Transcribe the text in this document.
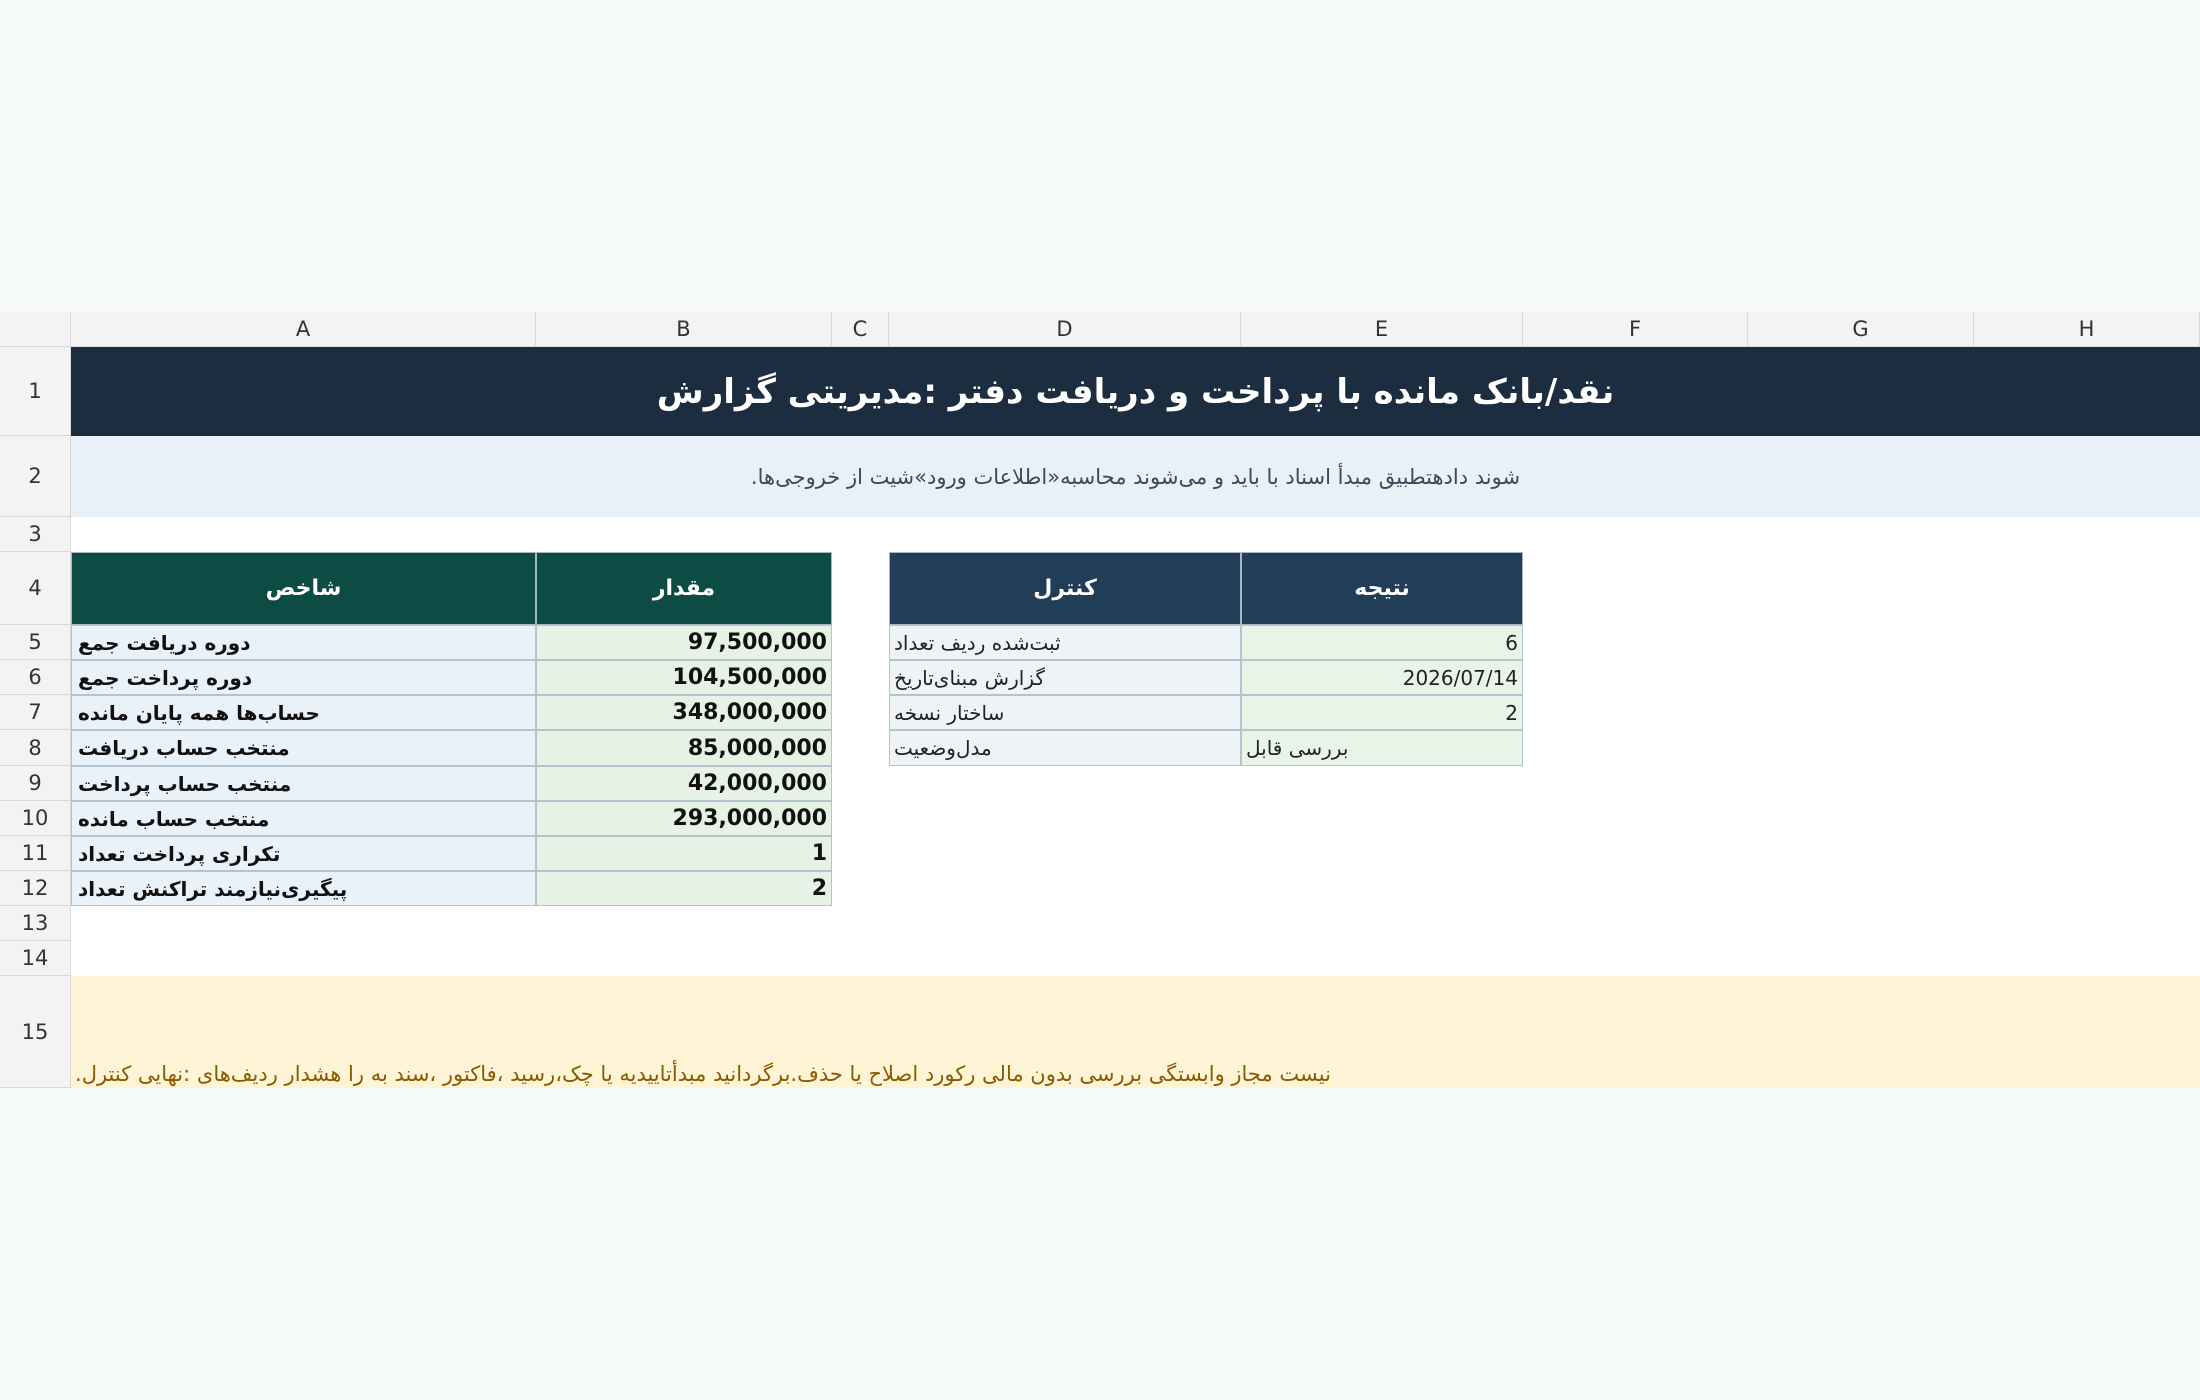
A	B	C	D	E	F	G	H
1
2
3
4
5
6
7
8
9
10
11
12
13
14
15
نقد/بانک مانده با پرداخت و دریافت دفتر :مدیریتی گزارش
.شوند دادهتطبیق مبدأ اسناد با باید و می‌شوند محاسبه«اطلاعات ورود»شیت از خروجی‌ها
شاخص	مقدار
دوره دریافت جمع	97,500,000
دوره پرداخت جمع	104,500,000
حساب‌ها همه پایان مانده	348,000,000
منتخب حساب دریافت	85,000,000
منتخب حساب پرداخت	42,000,000
منتخب حساب مانده	293,000,000
تکراری پرداخت تعداد	1
پیگیری‌نیازمند تراکنش تعداد	2
کنترل	نتیجه
ثبت‌شده ردیف تعداد	6
گزارش مبنای‌تاریخ	2026/07/14
ساختار نسخه	2
مدل‌وضعیت	بررسی قابل
.نیست مجاز وابستگی بررسی بدون مالی رکورد اصلاح یا حذف.برگردانید مبدأتاییدیه یا چک،رسید ،فاکتور ،سند به را هشدار ردیف‌های :نهایی کنترل
